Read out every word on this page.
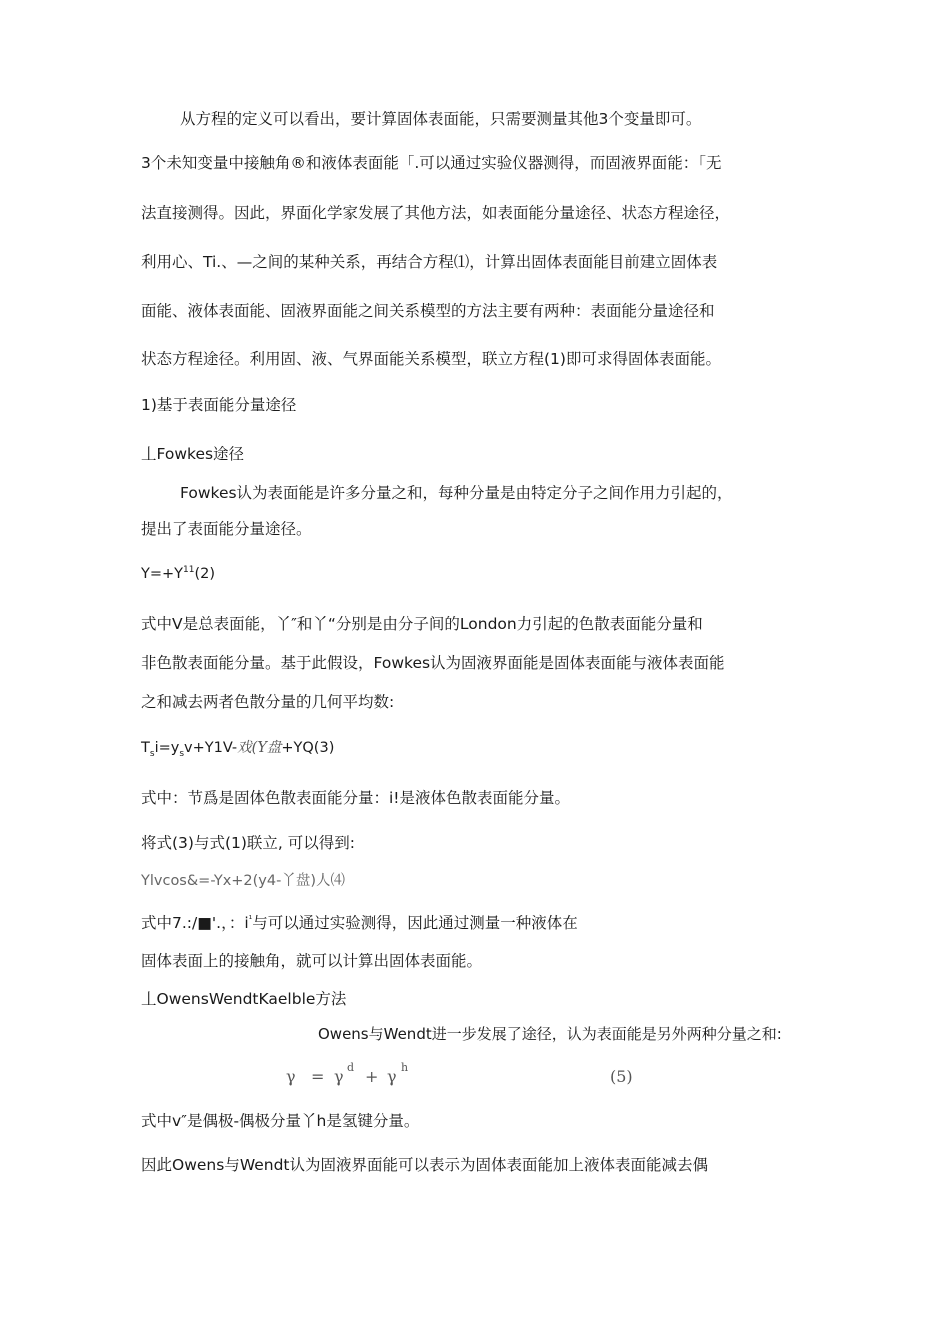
从方程的定义可以看出，要计算固体表面能，只需要测量其他3个变量即可。
3个未知变量中接触角®和液体表面能「.可以通过实验仪器测得，而固液界面能：「无
法直接测得。因此，界面化学家发展了其他方法，如表面能分量途径、状态方程途径，
利用心、Ti.、—之间的某种关系，再结合方程⑴，计算出固体表面能目前建立固体表
面能、液体表面能、固液界面能之间关系模型的方法主要有两种：表面能分量途径和
状态方程途径。利用固、液、气界面能关系模型，联立方程(1)即可求得固体表面能。
1)基于表面能分量途径
丄Fowkes途径
Fowkes认为表面能是许多分量之和，每种分量是由特定分子之间作用力引起的，
提出了表面能分量途径。
$Y=+Y^{11}(2)$
式中V是总表面能，丫″和丫“分别是由分子间的London力引起的色散表面能分量和
非色散表面能分量。基于此假设，Fowkes认为固液界面能是固体表面能与液体表面能
之和减去两者色散分量的几何平均数:
$T_si=y_sv+Y1V-$戏(Y盘+YQ(3)
式中：节爲是固体色散表面能分量：i!是液体色散表面能分量。
将式(3)与式(1)联立, 可以得到:
Ylvcos&=-Yx+2(y4-丫盘)人⑷
式中7.:/■'.，：$i^{^1}$与可以通过实验测得，因此通过测量一种液体在
固体表面上的接触角，就可以计算出固体表面能。
丄OwensWendtKaelble方法
Owens与Wendt进一步发展了途径，认为表面能是另外两种分量之和:
γ = γ d + γ h	(5)
式中v″是偶极-偶极分量丫h是氢键分量。
因此Owens与Wendt认为固液界面能可以表示为固体表面能加上液体表面能减去偶
